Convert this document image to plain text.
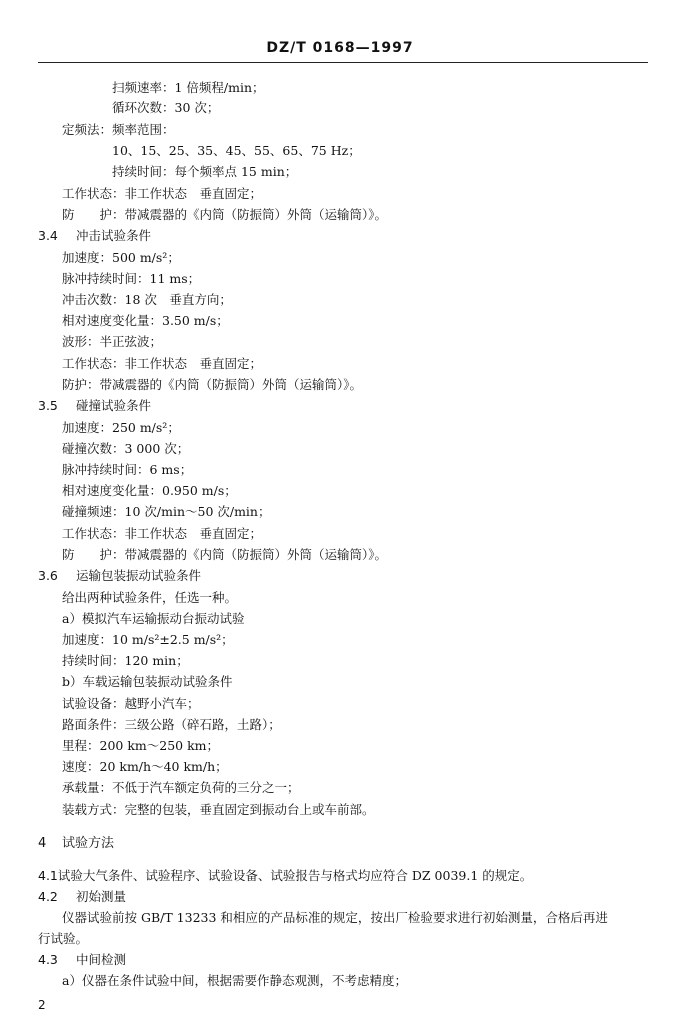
DZ/T 0168—1997
扫频速率：1 倍频程/min；
循环次数：30 次；
定频法：频率范围：
10、15、25、35、45、55、65、75 Hz；
持续时间：每个频率点 15 min；
工作状态：非工作状态　垂直固定；
防　　护：带减震器的《内筒（防振筒）外筒（运输筒）》。
3.4 冲击试验条件
加速度：500 m/s²；
脉冲持续时间：11 ms；
冲击次数：18 次　垂直方向；
相对速度变化量：3.50 m/s；
波形：半正弦波；
工作状态：非工作状态　垂直固定；
防护：带减震器的《内筒（防振筒）外筒（运输筒）》。
3.5 碰撞试验条件
加速度：250 m/s²；
碰撞次数：3 000 次；
脉冲持续时间：6 ms；
相对速度变化量：0.950 m/s；
碰撞频速：10 次/min～50 次/min；
工作状态：非工作状态　垂直固定；
防　　护：带减震器的《内筒（防振筒）外筒（运输筒）》。
3.6 运输包装振动试验条件
给出两种试验条件，任选一种。
a）模拟汽车运输振动台振动试验
加速度：10 m/s²±2.5 m/s²；
持续时间：120 min；
b）车载运输包装振动试验条件
试验设备：越野小汽车；
路面条件：三级公路（碎石路，土路）；
里程：200 km～250 km；
速度：20 km/h～40 km/h；
承载量：不低于汽车额定负荷的三分之一；
装载方式：完整的包装，垂直固定到振动台上或车前部。
4 试验方法
4.1试验大气条件、试验程序、试验设备、试验报告与格式均应符合 DZ 0039.1 的规定。
4.2 初始测量
仪器试验前按 GB/T 13233 和相应的产品标准的规定，按出厂检验要求进行初始测量，合格后再进
行试验。
4.3 中间检测
a）仪器在条件试验中间，根据需要作静态观测，不考虑精度；
2
